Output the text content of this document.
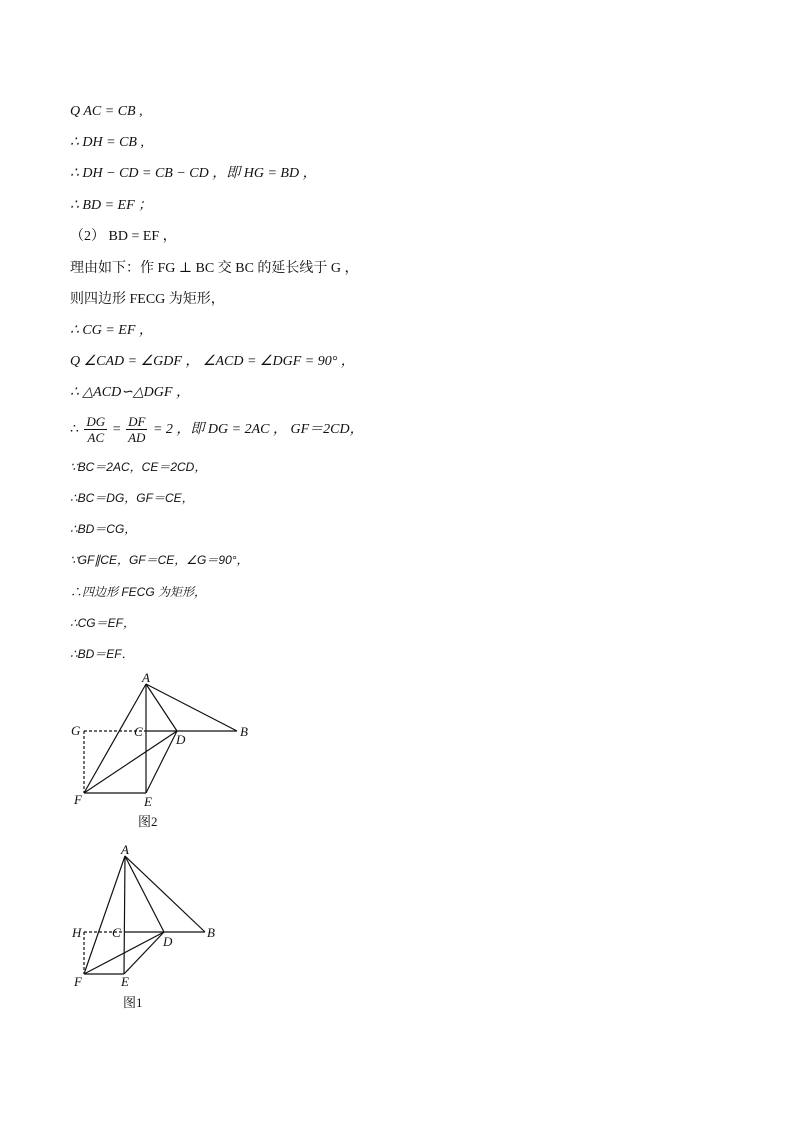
Q AC = CB ,
∴ DH = CB ,
∴ DH − CD = CB − CD ，即 HG = BD ，
∴ BD = EF ；
（2） BD = EF ，
理由如下：作 FG ⊥ BC 交 BC 的延长线于 G ，
则四边形 FECG 为矩形，
∴ CG = EF ，
Q ∠CAD = ∠GDF ， ∠ACD = ∠DGF = 90° ，
∴ △ACD∽△DGF ，
∴ $\frac{DG}{AC} = \frac{DF}{AD} = 2$ ，即 DG = 2AC ， GF＝2CD，
∵BC＝2AC，CE＝2CD，
∴BC＝DG，GF＝CE，
∴BD＝CG，
∵GF∥CE，GF＝CE，∠G＝90°，
∴四边形 FECG 为矩形，
∴CG＝EF，
∴BD＝EF．
A
B
C
D
E
F
G
图2
A
B
C
D
E
F
H
图1
